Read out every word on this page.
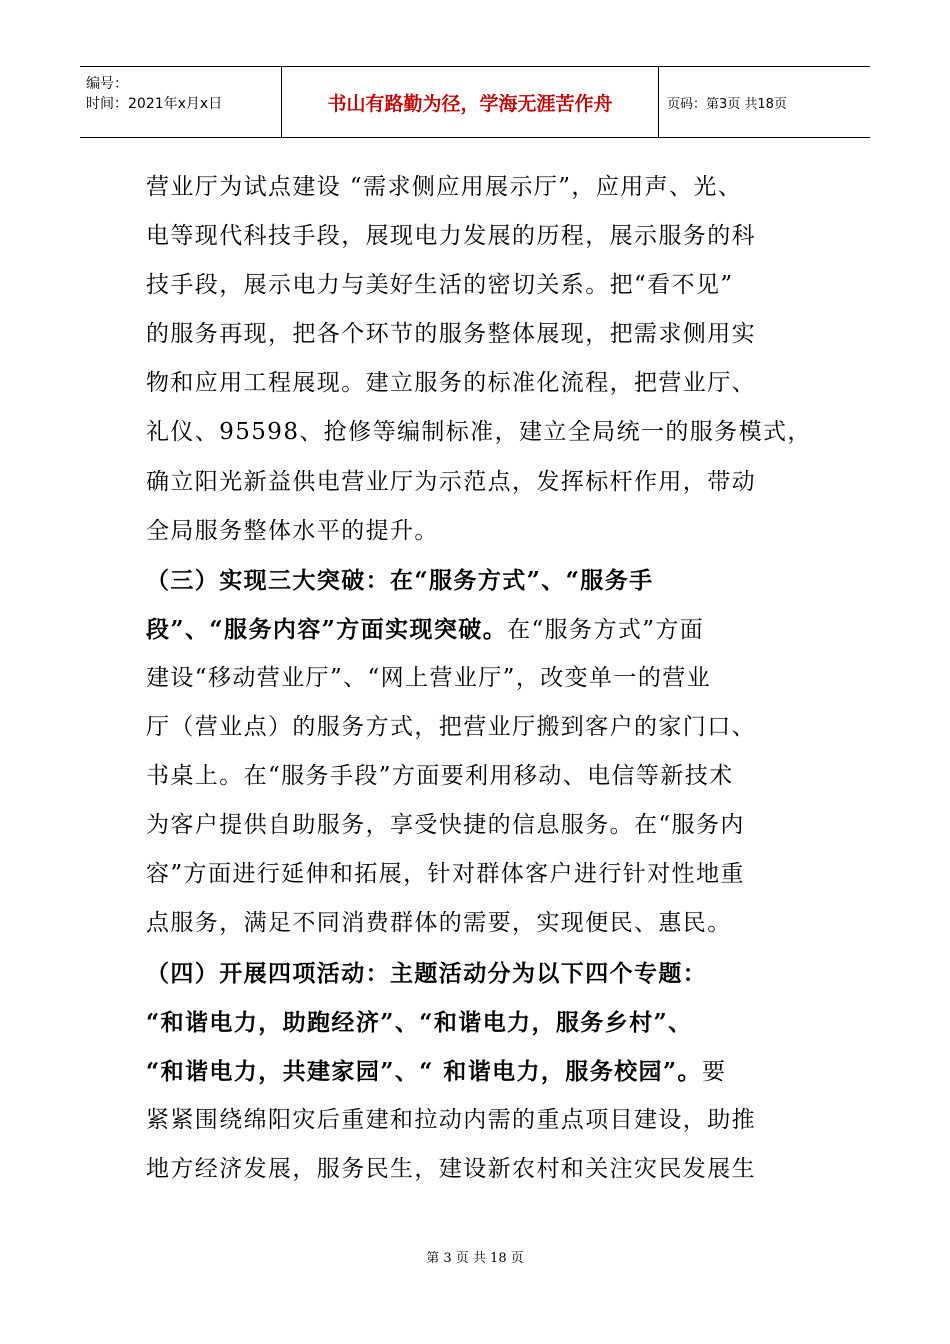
编号：
时间：2021年x月x日	书山有路勤为径，学海无涯苦作舟	页码：第3页 共18页
营业厅为试点建设 “需求侧应用展示厅”，应用声、光、
电等现代科技手段，展现电力发展的历程，展示服务的科
技手段，展示电力与美好生活的密切关系。把“看不见”
的服务再现，把各个环节的服务整体展现，把需求侧用实
物和应用工程展现。建立服务的标准化流程，把营业厅、
礼仪、95598、抢修等编制标准，建立全局统一的服务模式，
确立阳光新益供电营业厅为示范点，发挥标杆作用，带动
全局服务整体水平的提升。
（三）实现三大突破：在“服务方式”、“服务手
段”、“服务内容”方面实现突破。在“服务方式”方面
建设“移动营业厅”、“网上营业厅”，改变单一的营业
厅（营业点）的服务方式，把营业厅搬到客户的家门口、
书桌上。在“服务手段”方面要利用移动、电信等新技术
为客户提供自助服务，享受快捷的信息服务。在“服务内
容”方面进行延伸和拓展，针对群体客户进行针对性地重
点服务，满足不同消费群体的需要，实现便民、惠民。
（四）开展四项活动：主题活动分为以下四个专题：
“和谐电力，助跑经济”、“和谐电力，服务乡村”、
“和谐电力，共建家园”、“ 和谐电力，服务校园”。要
紧紧围绕绵阳灾后重建和拉动内需的重点项目建设，助推
地方经济发展，服务民生，建设新农村和关注灾民发展生
第 3 页 共 18 页
